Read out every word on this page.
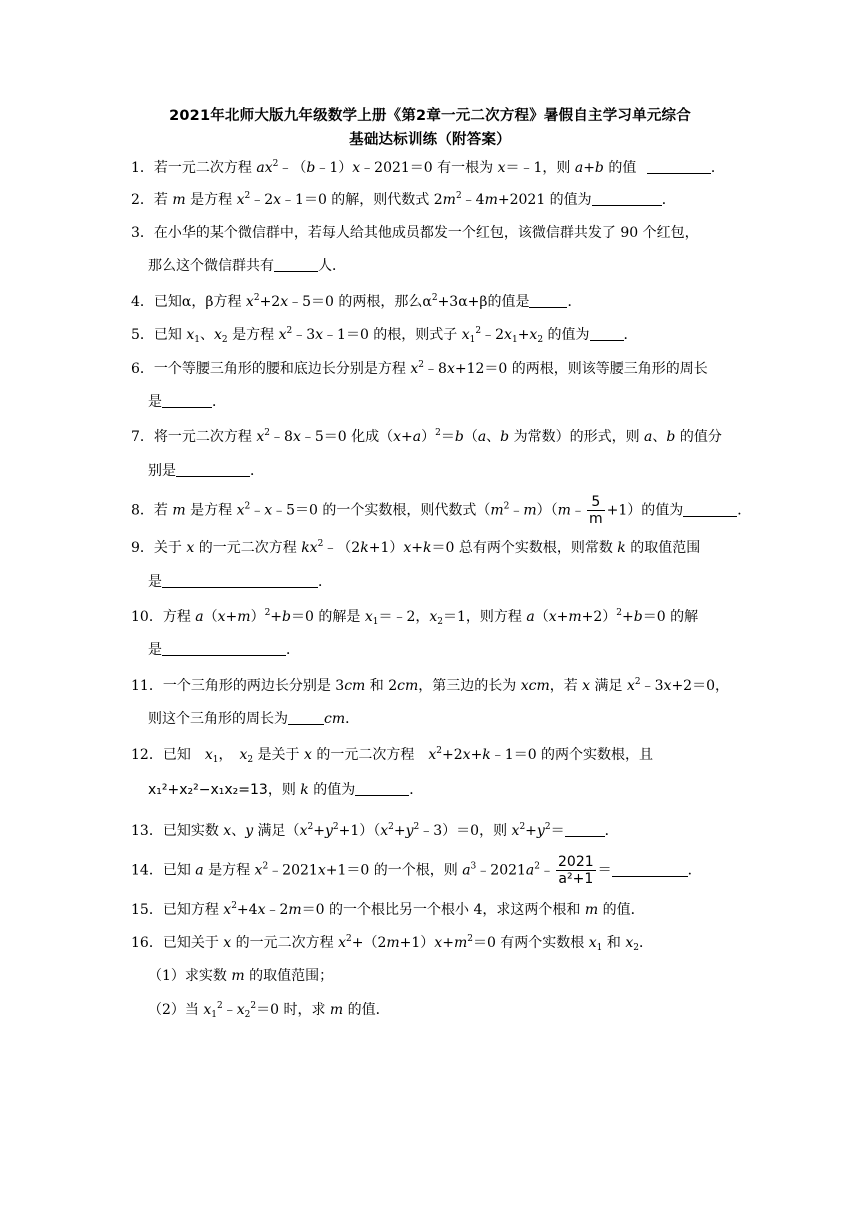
2021年北师大版九年级数学上册《第2章一元二次方程》暑假自主学习单元综合
基础达标训练（附答案）
1．若一元二次方程 $ax^2﹣(b﹣1)x﹣2021=0$ 有一根为 x＝﹣1，则 a+b 的值	．
2．若 m 是方程 $x^2﹣2x﹣1=0$ 的解，则代数式 $2m^2﹣4m+2021$ 的值为	．
3．在小华的某个微信群中，若每人给其他成员都发一个红包，该微信群共发了 90 个红包，
那么这个微信群共有	人．
4．已知α，β方程 $x^2+2x﹣5=0$ 的两根，那么$\alpha^2+3\alpha+\beta$的值是	．
5．已知 $x_1$、$x_2$ 是方程 $x^2﹣3x﹣1=0$ 的根，则式子 $x_1^2﹣2x_1+x_2$ 的值为 ．
6．一个等腰三角形的腰和底边长分别是方程 $x^2﹣8x+12=0$ 的两根，则该等腰三角形的周长
是	．
7．将一元二次方程 $x^2﹣8x﹣5=0$ 化成$(x+a)^2=b(a$、b 为常数）的形式，则 a、b 的值分
别是	．
8．若 m 是方程 $x^2﹣x﹣5=0$ 的一个实数根，则代数式$(m^2﹣m)(m﹣ \frac{5}{m} +1)$的值为	．
9．关于 x 的一元二次方程 $kx^2﹣(2k+1)x+k=0$ 总有两个实数根，则常数 k 的取值范围
是	．
10．方程 $a(x+m)^2+b=0$ 的解是 $x_1=﹣2$，$x_2=1$，则方程 $a(x+m+2)^2+b=0$ 的解
是	．
11．一个三角形的两边长分别是 3cm 和 2cm，第三边的长为 xcm，若 x 满足 $x^2﹣3x+2=0$，
则这个三角形的周长为	cm．
12．已知　$x_1$，　$x_2$ 是关于 x 的一元二次方程　$x^2+2x+k﹣1=0$ 的两个实数根，且
x₁²+x₂²−x₁x₂=13，则 k 的值为	．
13．已知实数 x、y 满足$(x^2+y^2+1)(x^2+y^2﹣3)=0$，则 $x^2+y^2=$	．
14．已知 a 是方程 $x^2﹣2021x+1=0$ 的一个根，则 $a^3﹣2021a^2﹣ \frac{2021}{\text{a²+1}}$ ＝	．
15．已知方程 $x^2+4x﹣2m=0$ 的一个根比另一个根小 4，求这两个根和 m 的值．
16．已知关于 x 的一元二次方程 $x^2+(2m+1)x+m^2=0$ 有两个实数根 $x_1$ 和 $x_2$．
（1）求实数 m 的取值范围；
（2）当 $x_1^2﹣x_2^2=0$ 时，求 m 的值．
